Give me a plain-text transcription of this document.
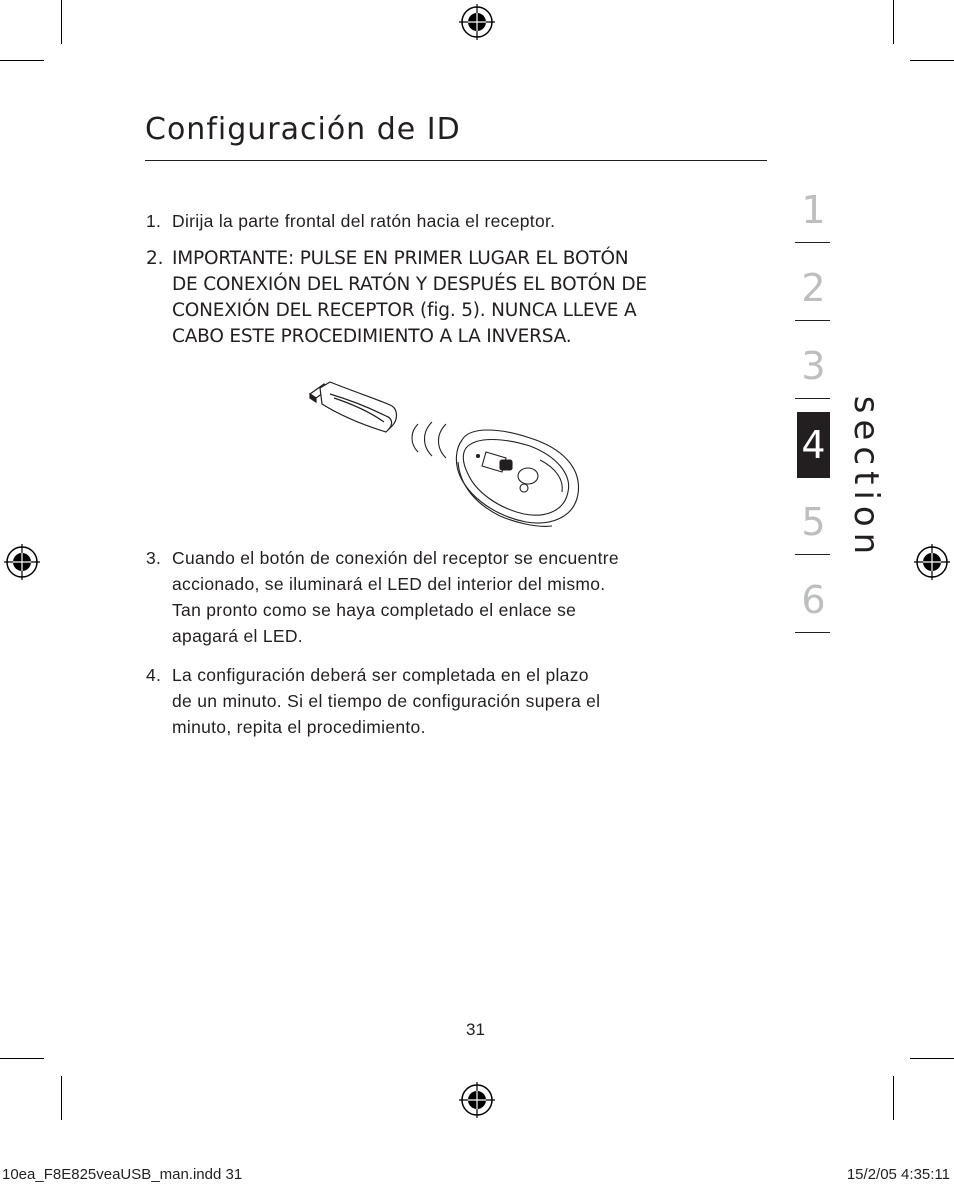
Configuración de ID
1. Dirija la parte frontal del ratón hacia el receptor.
2. IMPORTANTE: PULSE EN PRIMER LUGAR EL BOTÓN
DE CONEXIÓN DEL RATÓN Y DESPUÉS EL BOTÓN DE
CONEXIÓN DEL RECEPTOR (fig. 5). NUNCA LLEVE A
CABO ESTE PROCEDIMIENTO A LA INVERSA.
3. Cuando el botón de conexión del receptor se encuentre
accionado, se iluminará el LED del interior del mismo.
Tan pronto como se haya completado el enlace se
apagará el LED.
4. La configuración deberá ser completada en el plazo
de un minuto. Si el tiempo de configuración supera el
minuto, repita el procedimiento.
1
2
3
4
5
6
section
31
10ea_F8E825veaUSB_man.indd 31	15/2/05 4:35:11
